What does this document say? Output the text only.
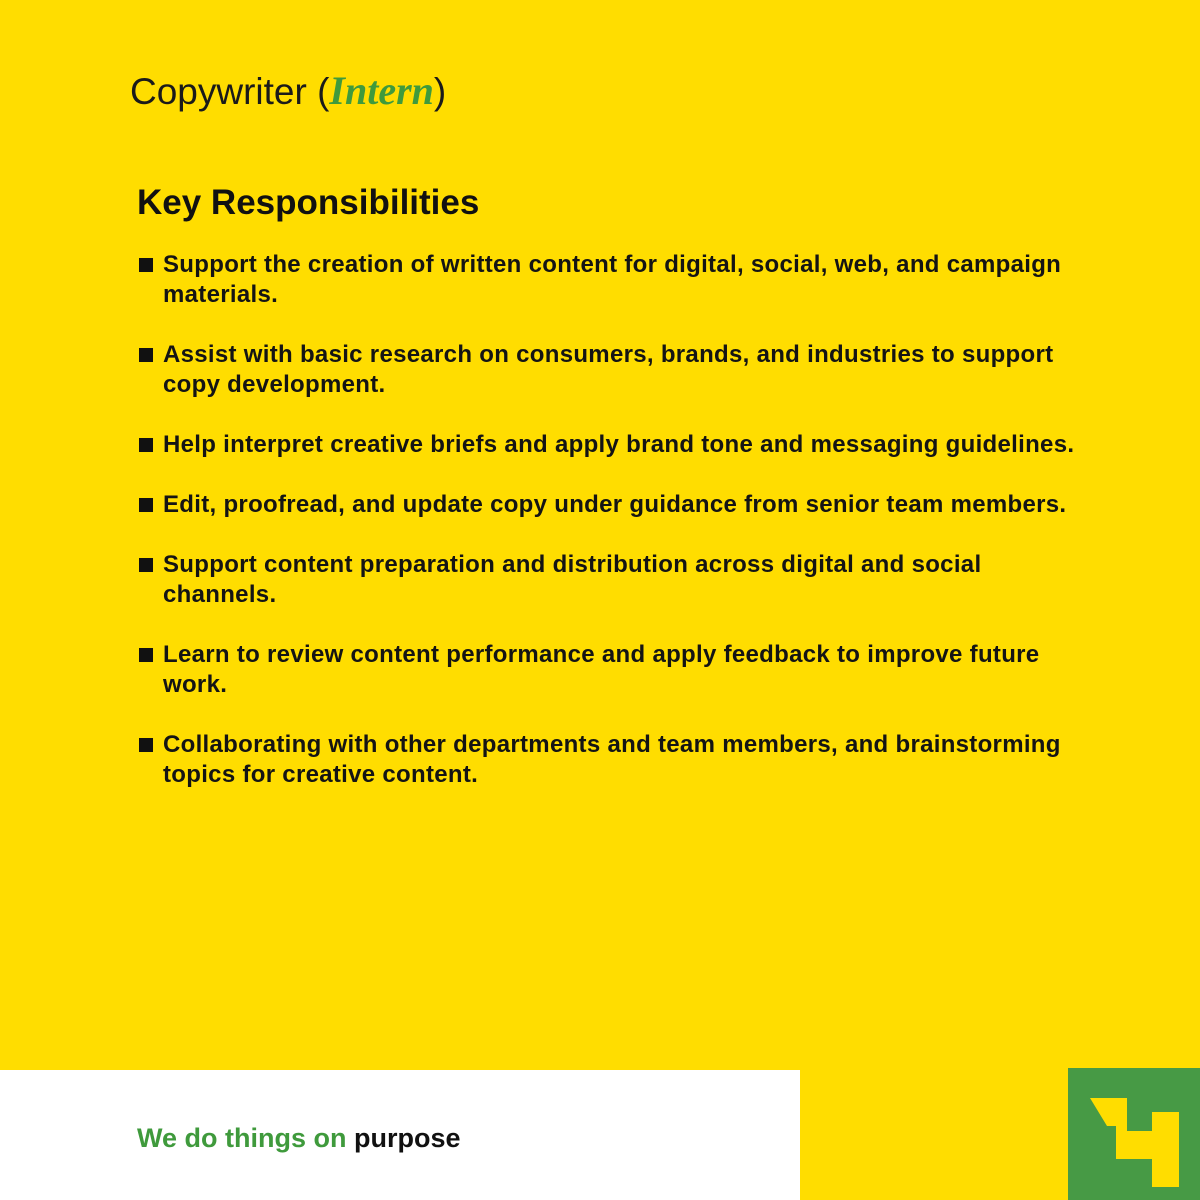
Copywriter (Intern)
Key Responsibilities
Support the creation of written content for digital, social, web, and campaign materials.
Assist with basic research on consumers, brands, and industries to support copy development.
Help interpret creative briefs and apply brand tone and messaging guidelines.
Edit, proofread, and update copy under guidance from senior team members.
Support content preparation and distribution across digital and social channels.
Learn to review content performance and apply feedback to improve future work.
Collaborating with other departments and team members, and brainstorming topics for creative content.
We do things on purpose
